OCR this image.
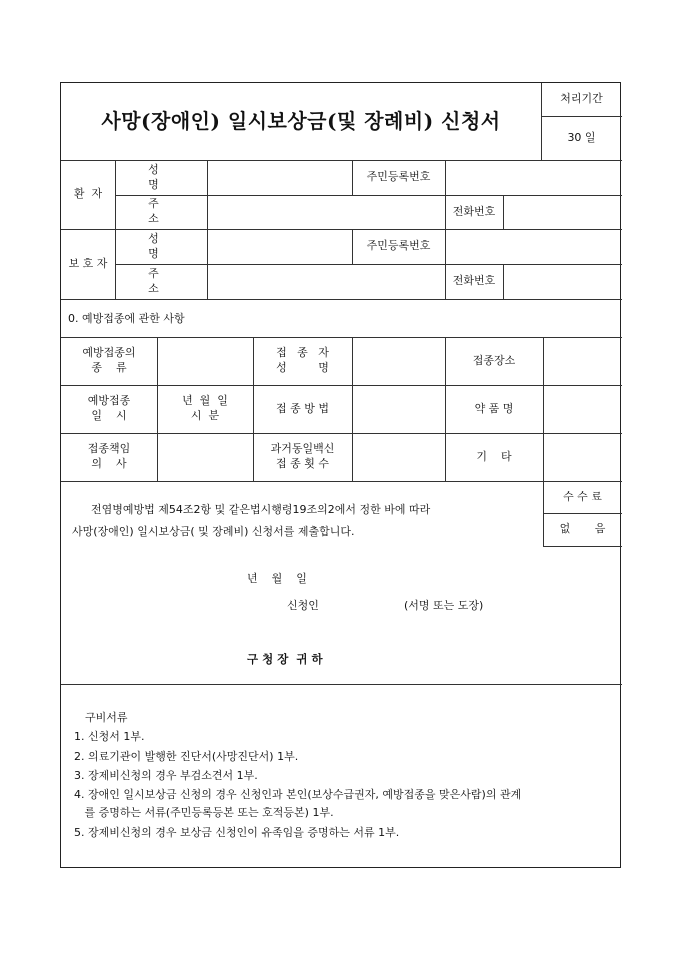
사망(장애인) 일시보상금(및 장례비) 신청서
처리기간
30 일
환  자
성 명
주민등록번호
주 소
전화번호
보 호 자
성 명
주민등록번호
주 소
전화번호
0. 예방접종에 관한 사항
예방접종의
종    류
접   종   자
성         명
접종장소
예방접종
일    시
년  월  일
시  분
접 종 방 법	약 품 명
접종책임
의    사
과거동일백신
접 종 횟 수
기    타
전염병예방법 제54조2항 및 같은법시행령19조의2에서 정한 바에 따라
사망(장애인) 일시보상금( 및 장례비) 신청서를 제출합니다.
수 수 료
없       음
년    월    일
신청인	(서명 또는 도장)
구 청 장  귀 하
구비서류
1. 신청서 1부.
2. 의료기관이 발행한 진단서(사망진단서) 1부.
3. 장제비신청의 경우 부검소견서 1부.
4. 장애인 일시보상금 신청의 경우 신청인과 본인(보상수급권자, 예방접종을 맞은사람)의 관계
를 증명하는 서류(주민등록등본 또는 호적등본) 1부.
5. 장제비신청의 경우 보상금 신청인이 유족임을 증명하는 서류 1부.
